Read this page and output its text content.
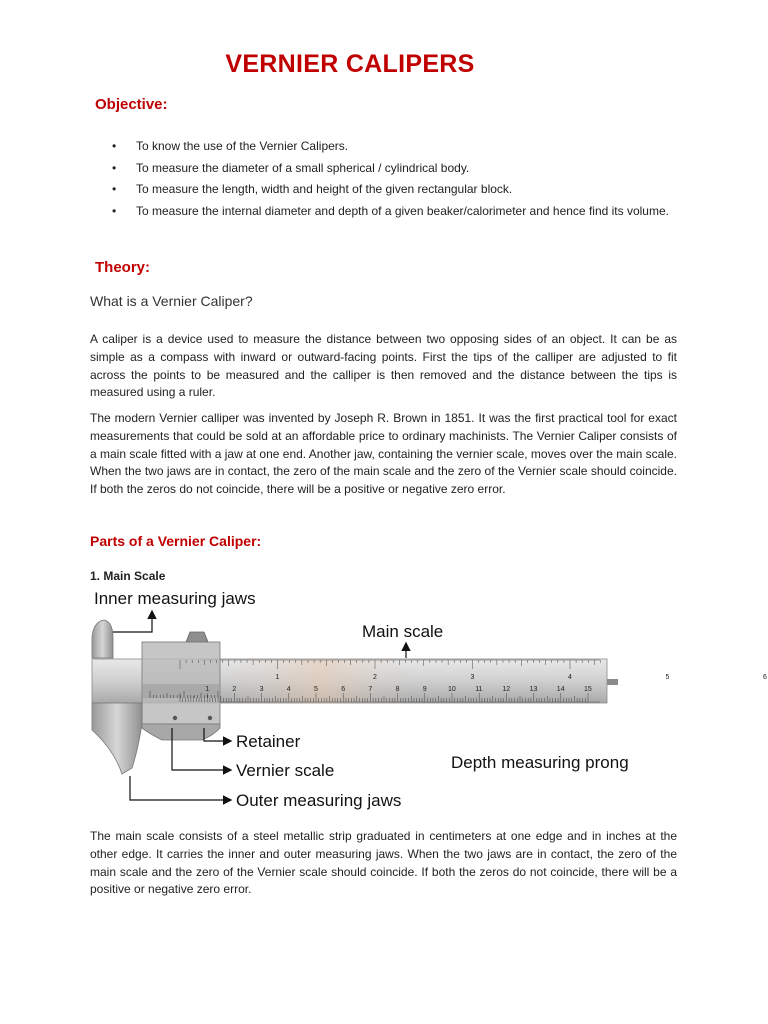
VERNIER CALIPERS
Objective:
• To know the use of the Vernier Calipers.
• To measure the diameter of a small spherical / cylindrical body.
• To measure the length, width and height of the given rectangular block.
• To measure the internal diameter and depth of a given beaker/calorimeter and hence find its volume.
Theory:
What is a Vernier Caliper?

A caliper is a device used to measure the distance between two opposing sides of an object. It can be as simple as a compass with inward or outward-facing points. First the tips of the calliper are adjusted to fit across the points to be measured and the calliper is then removed and the distance between the tips is measured using a ruler.

The modern Vernier calliper was invented by Joseph R. Brown in 1851. It was the first practical tool for exact measurements that could be sold at an affordable price to ordinary machinists. The Vernier Caliper consists of a main scale fitted with a jaw at one end. Another jaw, containing the vernier scale, moves over the main scale. When the two jaws are in contact, the zero of the main scale and the zero of the Vernier scale should coincide. If both the zeros do not coincide, there will be a positive or negative zero error.

Parts of a Vernier Caliper:
1. Main Scale
Inner measuring jaws
Main scale
1	2	3	4	5	6
1	2	3	4	5	6	7	8	9	10	11	12	13	14	15
Retainer
Vernier scale
Outer measuring jaws
Depth measuring prong

The main scale consists of a steel metallic strip graduated in centimeters at one edge and in inches at the other edge. It carries the inner and outer measuring jaws. When the two jaws are in contact, the zero of the main scale and the zero of the Vernier scale should coincide. If both the zeros do not coincide, there will be a positive or negative zero error.
